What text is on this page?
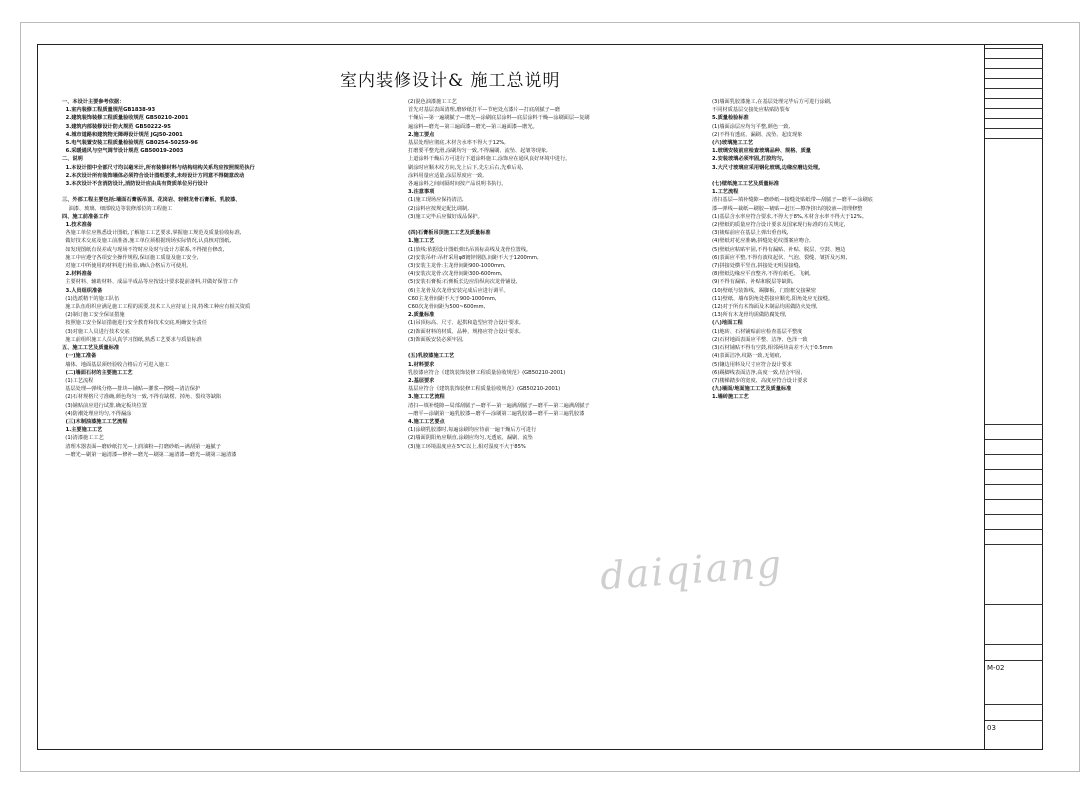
室内装修设计& 施工总说明
一、本设计主要参考依据：
1.室内装修工程质量规范GB1838-93
2.建筑装饰装修工程质量验收规范 GB50210-2001
3.建筑内部装修设计防火规范 GB50222-95
4.城市道路和建筑物无障碍设计规范 JGJ50-2001
5.电气装置安装工程质量检验规范 GB0254-50259-96
6.采暖通风与空气调节设计规范 GB50019-2003
二、说明
1.本设计图中全部尺寸均以毫米计,所有装修材料与结构结构关系均应按照规范执行
2.本次设计所有装饰墙体必须符合设计图纸要求,未经设计方同意不得随意改动
3.本次设计不含消防设计,消防设计应由具有资质单位另行设计

三、外部工程主要包括:墙面石膏板吊顶、花岗岩、轻钢龙骨石膏板、乳胶漆、
油漆、玻璃、细部收边等装修部位的工程施工
四、施工前准备工作
1.技术准备
各施工单位应熟悉设计图纸,了解施工工艺要求,掌握施工规范及质量验收标准,
做好技术交底及施工前准备,施工单位须根据现场实际情况,认真核对图纸,
如发现图纸有误差或与现场不符时应及时与设计方联系,不得擅自修改,
施工中应遵守各项安全操作规程,保证施工质量及施工安全,
对施工中所使用的材料进行检验,确认合格后方可使用。
2.材料准备
主要材料、辅助材料、成品半成品等应按设计要求提前备料,并做好保管工作
3.人员组织准备
(1)选派精干的施工队伍
施工队伍组织应满足施工工程的需要,技术工人应持证上岗,特殊工种应有相关资质
(2)制订施工安全保证措施
按照施工安全保证措施进行安全教育和技术交底,明确安全责任
(3)对施工人员进行技术交底
施工前组织施工人员认真学习图纸,熟悉工艺要求与质量标准
五、施工工艺及质量标准
(一)施工准备
墙体、地面基层须经验收合格后方可进入施工
(二)墙面石材的主要施工工艺
(1)工艺流程
基层处理—弹线分格—排块—铺贴—灌浆—擦缝—清洁保护
(2)石材规格尺寸准确,颜色均匀一致,不得有缺楞、掉角、裂纹等缺陷
(3)铺贴前应进行试排,确定板块位置
(4)防潮处理应均匀,不得漏涂
(三)木制油漆施工工艺流程
1.主要施工工艺
(1)清漆施工工艺
清理木器表面—磨砂纸打光—上润油粉—打磨砂纸—满刮第一遍腻子
—磨光—刷第一遍清漆—修补—磨光—刷第二遍清漆—磨光—刷第三遍清漆
(2)混色油漆施工工艺
首先对基层表面清理,磨砂纸打平—节疤处点漆片—打底刮腻子—磨
干燥后—第一遍刷腻子—磨光—涂刷底层涂料—底层涂料干燥—涂刷面层—复刷
遍涂料—磨光—第三遍面漆—磨光—第三遍面漆—磨光。
2.施工要点
基层处理应彻底,木材含水率不得大于12%,
打磨要平整光滑,涂刷均匀一致,不得漏刷、流坠、起皱等现象,
上道涂料干燥后方可进行下道涂料施工,涂饰应在通风良好环境中进行。
刷涂时应顺木纹方向,先上后下,先左后右,先难后易,
涂料用量应适量,涂层厚度应一致,
各遍涂料之间间隔时间按产品说明书执行。
3.注意事项
(1)施工现场应保持清洁,
(2)涂料应按规定配比调制,
(3)施工完毕后应做好成品保护。

(四)石膏板吊顶施工工艺及质量标准
1.施工工艺
(1)放线:依据设计图纸弹出吊顶标高线及龙骨位置线。
(2)安装吊杆:吊杆采用φ8镀锌钢筋,间距不大于1200mm,
(3)安装主龙骨:主龙骨间距900-1000mm,
(4)安装次龙骨:次龙骨间距300-600mm,
(5)安装石膏板:石膏板长边应沿纵向次龙骨铺设,
(6)主龙骨及次龙骨安装完成后应进行调平。
C60主龙骨间距不大于900-1000mm,
C60次龙骨间距为500~600mm,
2.质量标准
(1)吊顶标高、尺寸、起拱和造型应符合设计要求,
(2)饰面材料的材质、品种、规格应符合设计要求,
(3)饰面板安装必须牢固,

(五)乳胶漆施工工艺
1.材料要求
乳胶漆应符合《建筑装饰装修工程质量验收规范》(GB50210-2001)
2.基层要求
基层应符合《建筑装饰装修工程质量验收规范》(GB50210-2001)
3.施工工艺流程
清扫—填补缝隙—局部刮腻子—磨平—第一遍满刮腻子—磨平—第二遍满刮腻子
—磨平—涂刷第一遍乳胶漆—磨平—涂刷第二遍乳胶漆—磨平—第三遍乳胶漆
4.施工工艺要点
(1)涂刷乳胶漆时,每遍涂刷均应待前一遍干燥后方可进行
(2)墙面阴阳角应顺直,涂刷应均匀,无透底、漏刷、流坠
(3)施工环境温度应在5℃以上,相对湿度不大于85%
(3)墙面乳胶漆施工,在基层处理完毕后方可进行涂刷,
不同材质基层交接处应粘贴防裂布
5.质量检验标准
(1)墙面涂层应均匀平整,颜色一致,
(2)不得有透底、漏刷、流坠、起皮现象
(六)玻璃施工工艺
1.玻璃安装前应检查玻璃品种、规格、质量
2.安装玻璃必须牢固,打胶均匀,
3.大尺寸玻璃应采用钢化玻璃,边缘应磨边处理,

(七)壁纸施工工艺及质量标准
1.工艺流程
清扫基层—填补缝隙—磨砂纸—接缝处贴纸带—刮腻子—磨平—涂刷底
漆—弹线—裁纸—刷胶—裱贴—赶压—擦净挤出的胶液—清理修整
(1)基层含水率应符合要求,不得大于8%,木材含水率不得大于12%。
(2)壁纸的质量应符合设计要求及国家现行标准的有关规定,
(3)裱贴前应在基层上弹出垂直线,
(4)壁纸对花应准确,拼缝处花纹图案应吻合,
(5)壁纸应粘贴牢固,不得有漏贴、补贴、脱层、空鼓、翘边
(6)表面应平整,不得有波纹起伏、气泡、裂缝、皱折及污斑,
(7)拼接处横平竖直,拼接处无明显接缝,
(8)壁纸边缘应平直整齐,不得有纸毛、飞刺,
(9)不得有漏贴、补贴和脱层等缺陷,
(10)壁纸与装饰线、踢脚板、门窗框交接紧密
(11)壁纸、墙布阴角处搭接应顺光,阳角处应无接缝。
(12)对于所有木饰面及木制品均需做防火处理,
(13)所有木龙骨均需做防腐处理,
(八)地面工程
(1)地砖、石材铺贴前应检查基层平整度
(2)石材地面表面应平整、洁净、色泽一致
(3)石材铺贴不得有空鼓,相邻两块高差不大于0.5mm
(4)表面洁净,纹路一致,无划痕,
(5)镶边用料及尺寸应符合设计要求
(6)踢脚线表面洁净,高度一致,结合牢固,
(7)楼梯踏步的宽度、高度应符合设计要求
(九)墙面/地面施工工艺及质量标准
1.墙砖施工工艺
daiqiang
M-02
03
